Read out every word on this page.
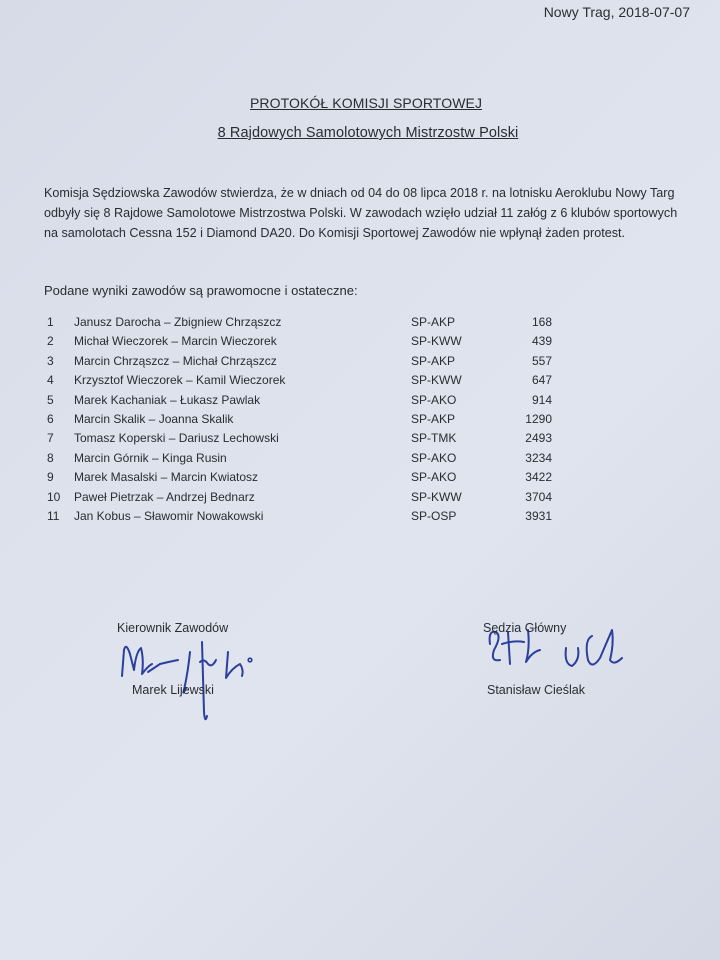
Nowy Trag, 2018-07-07
PROTOKÓŁ KOMISJI SPORTOWEJ
8 Rajdowych Samolotowych Mistrzostw Polski

Komisja Sędziowska Zawodów stwierdza, że w dniach od 04 do 08 lipca 2018 r. na lotnisku Aeroklubu Nowy Targ

odbyły się 8 Rajdowe Samolotowe Mistrzostwa Polski. W zawodach wzięło udział 11 załóg z 6 klubów sportowych

na samolotach Cessna 152 i Diamond DA20. Do Komisji Sportowej Zawodów nie wpłynął żaden protest.

Podane wyniki zawodów są prawomocne i ostateczne:
1 Janusz Darocha – Zbigniew Chrząszcz	SP-AKP	168
2 Michał Wieczorek – Marcin Wieczorek	SP-KWW	439
3 Marcin Chrząszcz – Michał Chrząszcz	SP-AKP	557
4 Krzysztof Wieczorek – Kamil Wieczorek	SP-KWW	647
5 Marek Kachaniak – Łukasz Pawlak	SP-AKO	914
6 Marcin Skalik – Joanna Skalik	SP-AKP	1290
7 Tomasz Koperski – Dariusz Lechowski	SP-TMK	2493
8 Marcin Górnik – Kinga Rusin	SP-AKO	3234
9 Marek Masalski – Marcin Kwiatosz	SP-AKO	3422
10 Paweł Pietrzak – Andrzej Bednarz	SP-KWW	3704
11 Jan Kobus – Sławomir Nowakowski	SP-OSP	3931
Kierownik Zawodów
Marek Lijewski
Sędzia Główny
Stanisław Cieślak
